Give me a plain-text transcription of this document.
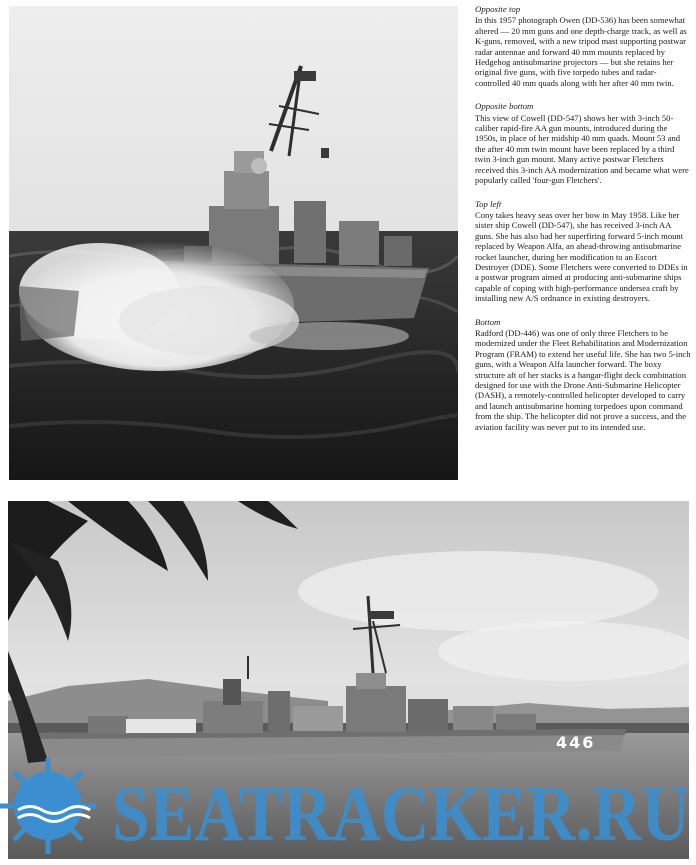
Opposite top

In this 1957 photograph Owen (DD-536) has been somewhat altered — 20 mm guns and one depth-charge track, as well as K-guns, removed, with a new tripod mast supporting postwar radar antennae and forward 40 mm mounts replaced by Hedgehog antisubmarine projectors — but she retains her original five guns, with five torpedo tubes and radar-controlled 40 mm quads along with her after 40 mm twin.

Opposite bottom

This view of Cowell (DD-547) shows her with 3-inch 50-caliber rapid-fire AA gun mounts, introduced during the 1950s, in place of her midship 40 mm quads. Mount 53 and the after 40 mm twin mount have been replaced by a third twin 3-inch gun mount. Many active postwar Fletchers received this 3-inch AA modernization and became what were popularly called 'four-gun Fletchers'.

Top left

Cony takes heavy seas over her bow in May 1958. Like her sister ship Cowell (DD-547), she has received 3-inch AA guns. She has also had her superfiring forward 5-inch mount replaced by Weapon Alfa, an ahead-throwing antisubmarine rocket launcher, during her modification to an Escort Destroyer (DDE). Some Fletchers were converted to DDEs in a postwar program aimed at producing anti-submarine ships capable of coping with high-performance undersea craft by installing new A/S ordnance in existing destroyers.

Bottom

Radford (DD-446) was one of only three Fletchers to be modernized under the Fleet Rehabilitation and Modernization Program (FRAM) to extend her useful life. She has two 5-inch guns, with a Weapon Alfa launcher forward. The boxy structure aft of her stacks is a hangar-flight deck combination designed for use with the Drone Anti-Submarine Helicopter (DASH), a remotely-controlled helicopter developed to carry and launch antisubmarine homing torpedoes upon command from the ship. The helicopter did not prove a success, and the aviation facility was never put to its intended use.

446
SEATRACKER.RU
